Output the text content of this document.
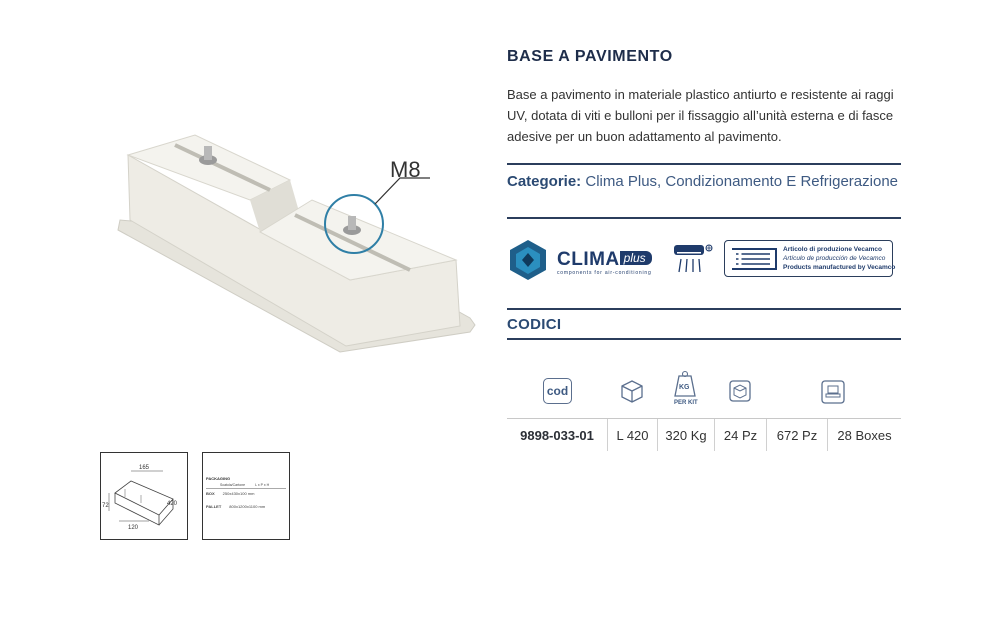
M8
165
72	420
120
PACKAGING
Scatola/Cartone	L x P x H
BOX 250x430x100 mm
PALLET 800x1200x1100 mm
BASE A PAVIMENTO

Base a pavimento in materiale plastico antiurto e resistente ai raggi UV, dotata di viti e bulloni per il fissaggio all’unità esterna e di fasce adesive per un buon adattamento al pavimento.

Categorie: Clima Plus, Condizionamento E Refrigerazione
CLIMA plus
components for air-conditioning
Articolo di produzione Vecamco
Artículo de producción de Vecamco
Products manufactured by Vecamco
CODICI
cod	KG
PER KIT
9898-033-01	L 420	320 Kg	24 Pz	672 Pz	28 Boxes
